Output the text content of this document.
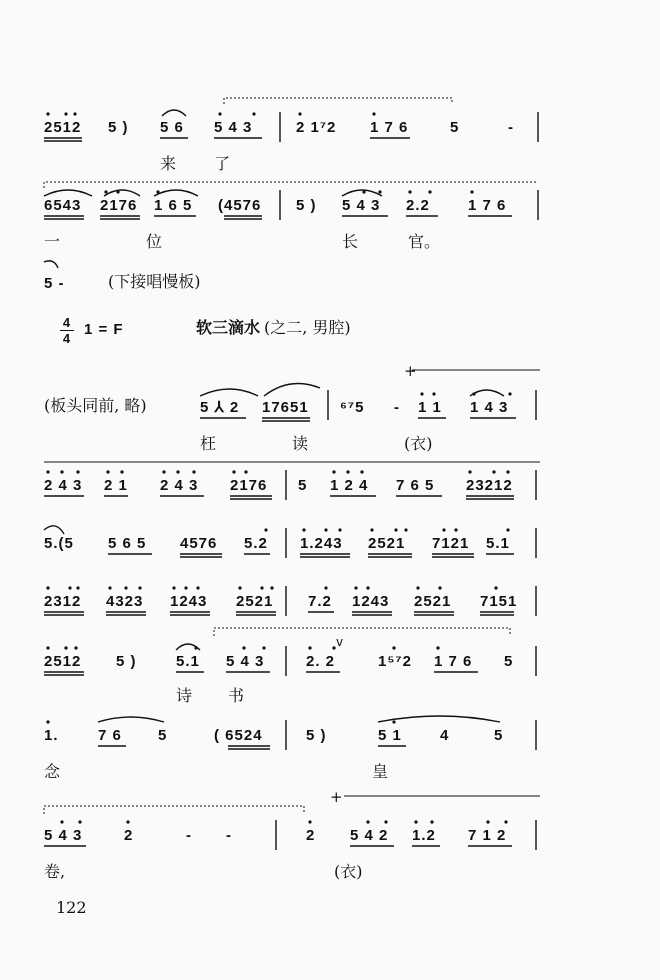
2512 5 ) 5 6 5 4 3	2 1⁷2 1 7 6	5	-
来 了
6543 2176 1 6 5 (4576 5 ) 5 4 3 2.2	1 7 6
一	位	长	官。
5 -	(下接唱慢板)
4
4
1 = F	软三滴水 (之二, 男腔)
(板头同前, 略)	5 ⅄ 2 17651 ⁶⁷5 - 1 1 1 4 3
枉	读	(衣)
2 4 3 2 1 2 4 3 2176 5 1 2 4 7 6 5 23212
5.(5 5 6 5 4576 5.2 1.243 2521 7121 5.1
2312 4323 1243 2521 7.2 1243 2521 7151
2512 5 )	5.1 5 4 3	2. 2	1⁵⁷2 1 7 6 5
诗 书
1.	7 6 5	( 6524	5 )	5 1	4	5
念	皇
5 4 3	2	- -	2 5 4 2 1.2 7 1 2
卷,	(衣)
+
+
v
122
